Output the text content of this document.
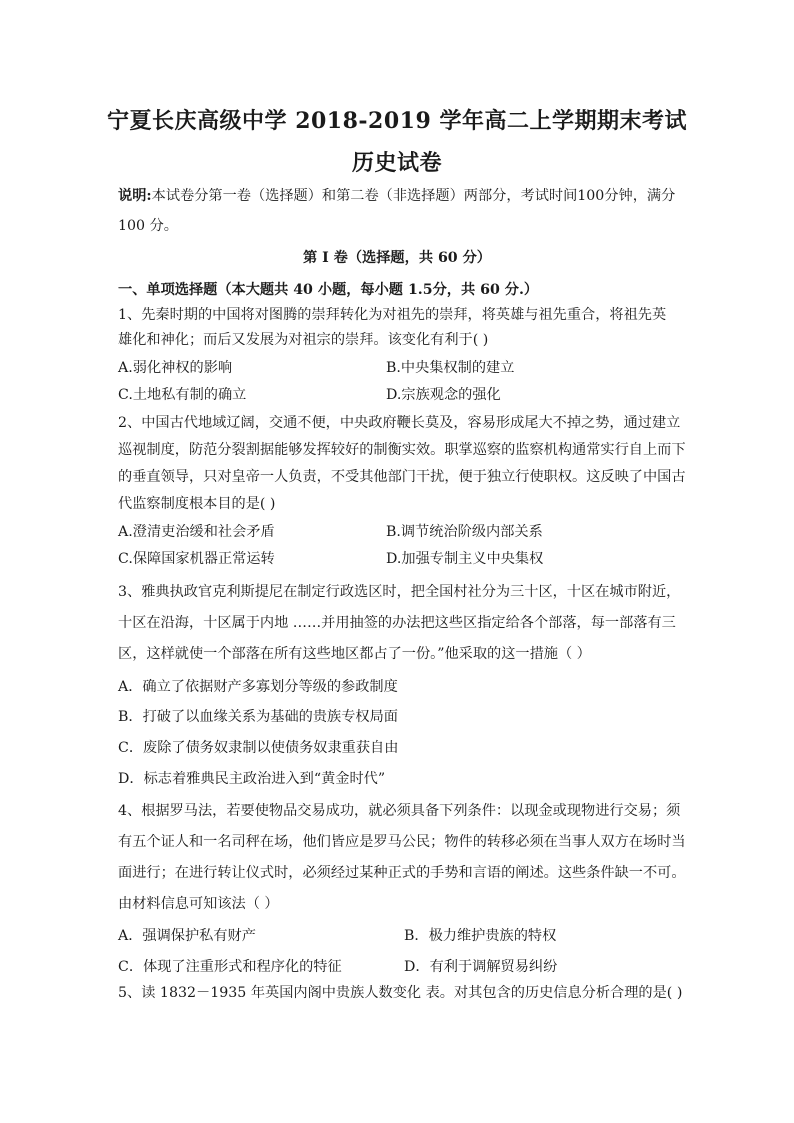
宁夏长庆高级中学 2018-2019 学年高二上学期期末考试
历史试卷
说明:本试卷分第一卷（选择题）和第二卷（非选择题）两部分，考试时间100分钟，满分
100 分。
第 I 卷（选择题，共 60 分）
一、单项选择题（本大题共 40 小题，每小题 1.5分，共 60 分.）
1、先秦时期的中国将对图腾的崇拜转化为对祖先的崇拜，将英雄与祖先重合，将祖先英
雄化和神化；而后又发展为对祖宗的崇拜。该变化有利于( )
A.弱化神权的影响	B.中央集权制的建立
C.土地私有制的确立	D.宗族观念的强化
2、中国古代地域辽阔，交通不便，中央政府鞭长莫及，容易形成尾大不掉之势，通过建立
巡视制度，防范分裂割据能够发挥较好的制衡实效。职掌巡察的监察机构通常实行自上而下
的垂直领导，只对皇帝一人负责，不受其他部门干扰，便于独立行使职权。这反映了中国古
代监察制度根本目的是( )
A.澄清吏治缓和社会矛盾	B.调节统治阶级内部关系
C.保障国家机器正常运转	D.加强专制主义中央集权
3、雅典执政官克利斯提尼在制定行政选区时，把全国村社分为三十区，十区在城市附近，
十区在沿海，十区属于内地 ……并用抽签的办法把这些区指定给各个部落，每一部落有三
区，这样就使一个部落在所有这些地区都占了一份。”他采取的这一措施（ ）
A．确立了依据财产多寡划分等级的参政制度
B．打破了以血缘关系为基础的贵族专权局面
C．废除了债务奴隶制以使债务奴隶重获自由
D．标志着雅典民主政治进入到“黄金时代”
4、根据罗马法，若要使物品交易成功，就必须具备下列条件：以现金或现物进行交易；须
有五个证人和一名司秤在场，他们皆应是罗马公民；物件的转移必须在当事人双方在场时当
面进行；在进行转让仪式时，必须经过某种正式的手势和言语的阐述。这些条件缺一不可。
由材料信息可知该法（ ）
A．强调保护私有财产	B．极力维护贵族的特权
C．体现了注重形式和程序化的特征	D．有利于调解贸易纠纷
5、读 1832－1935 年英国内阁中贵族人数变化 表。对其包含的历史信息分析合理的是( )
